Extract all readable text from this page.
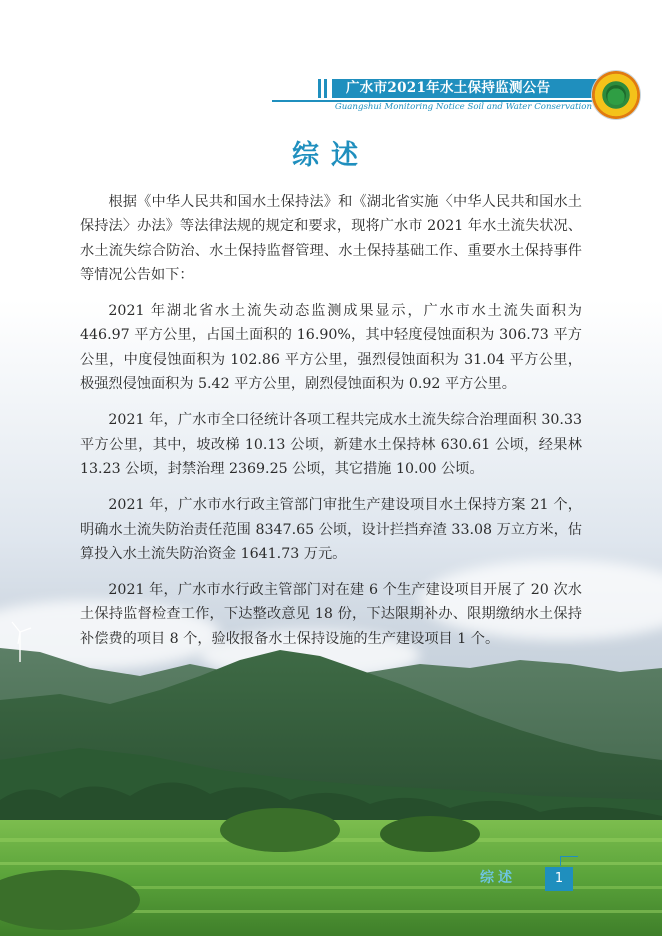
广水市2021年水土保持监测公告
Guangshui Monitoring Notice Soil and Water Conservation
综述

根据《中华人民共和国水土保持法》和《湖北省实施〈中华人民共和国水土保持法〉办法》等法律法规的规定和要求，现将广水市 2021 年水土流失状况、水土流失综合防治、水土保持监督管理、水土保持基础工作、重要水土保持事件等情况公告如下：

2021 年湖北省水土流失动态监测成果显示，广水市水土流失面积为 446.97 平方公里，占国土面积的 16.90%，其中轻度侵蚀面积为 306.73 平方公里，中度侵蚀面积为 102.86 平方公里，强烈侵蚀面积为 31.04 平方公里，极强烈侵蚀面积为 5.42 平方公里，剧烈侵蚀面积为 0.92 平方公里。

2021 年，广水市全口径统计各项工程共完成水土流失综合治理面积 30.33 平方公里，其中，坡改梯 10.13 公顷，新建水土保持林 630.61 公顷，经果林 13.23 公顷，封禁治理 2369.25 公顷，其它措施 10.00 公顷。

2021 年，广水市水行政主管部门审批生产建设项目水土保持方案 21 个，明确水土流失防治责任范围 8347.65 公顷，设计拦挡弃渣 33.08 万立方米，估算投入水土流失防治资金 1641.73 万元。

2021 年，广水市水行政主管部门对在建 6 个生产建设项目开展了 20 次水土保持监督检查工作，下达整改意见 18 份，下达限期补办、限期缴纳水土保持补偿费的项目 8 个，验收报备水土保持设施的生产建设项目 1 个。

综述	1
